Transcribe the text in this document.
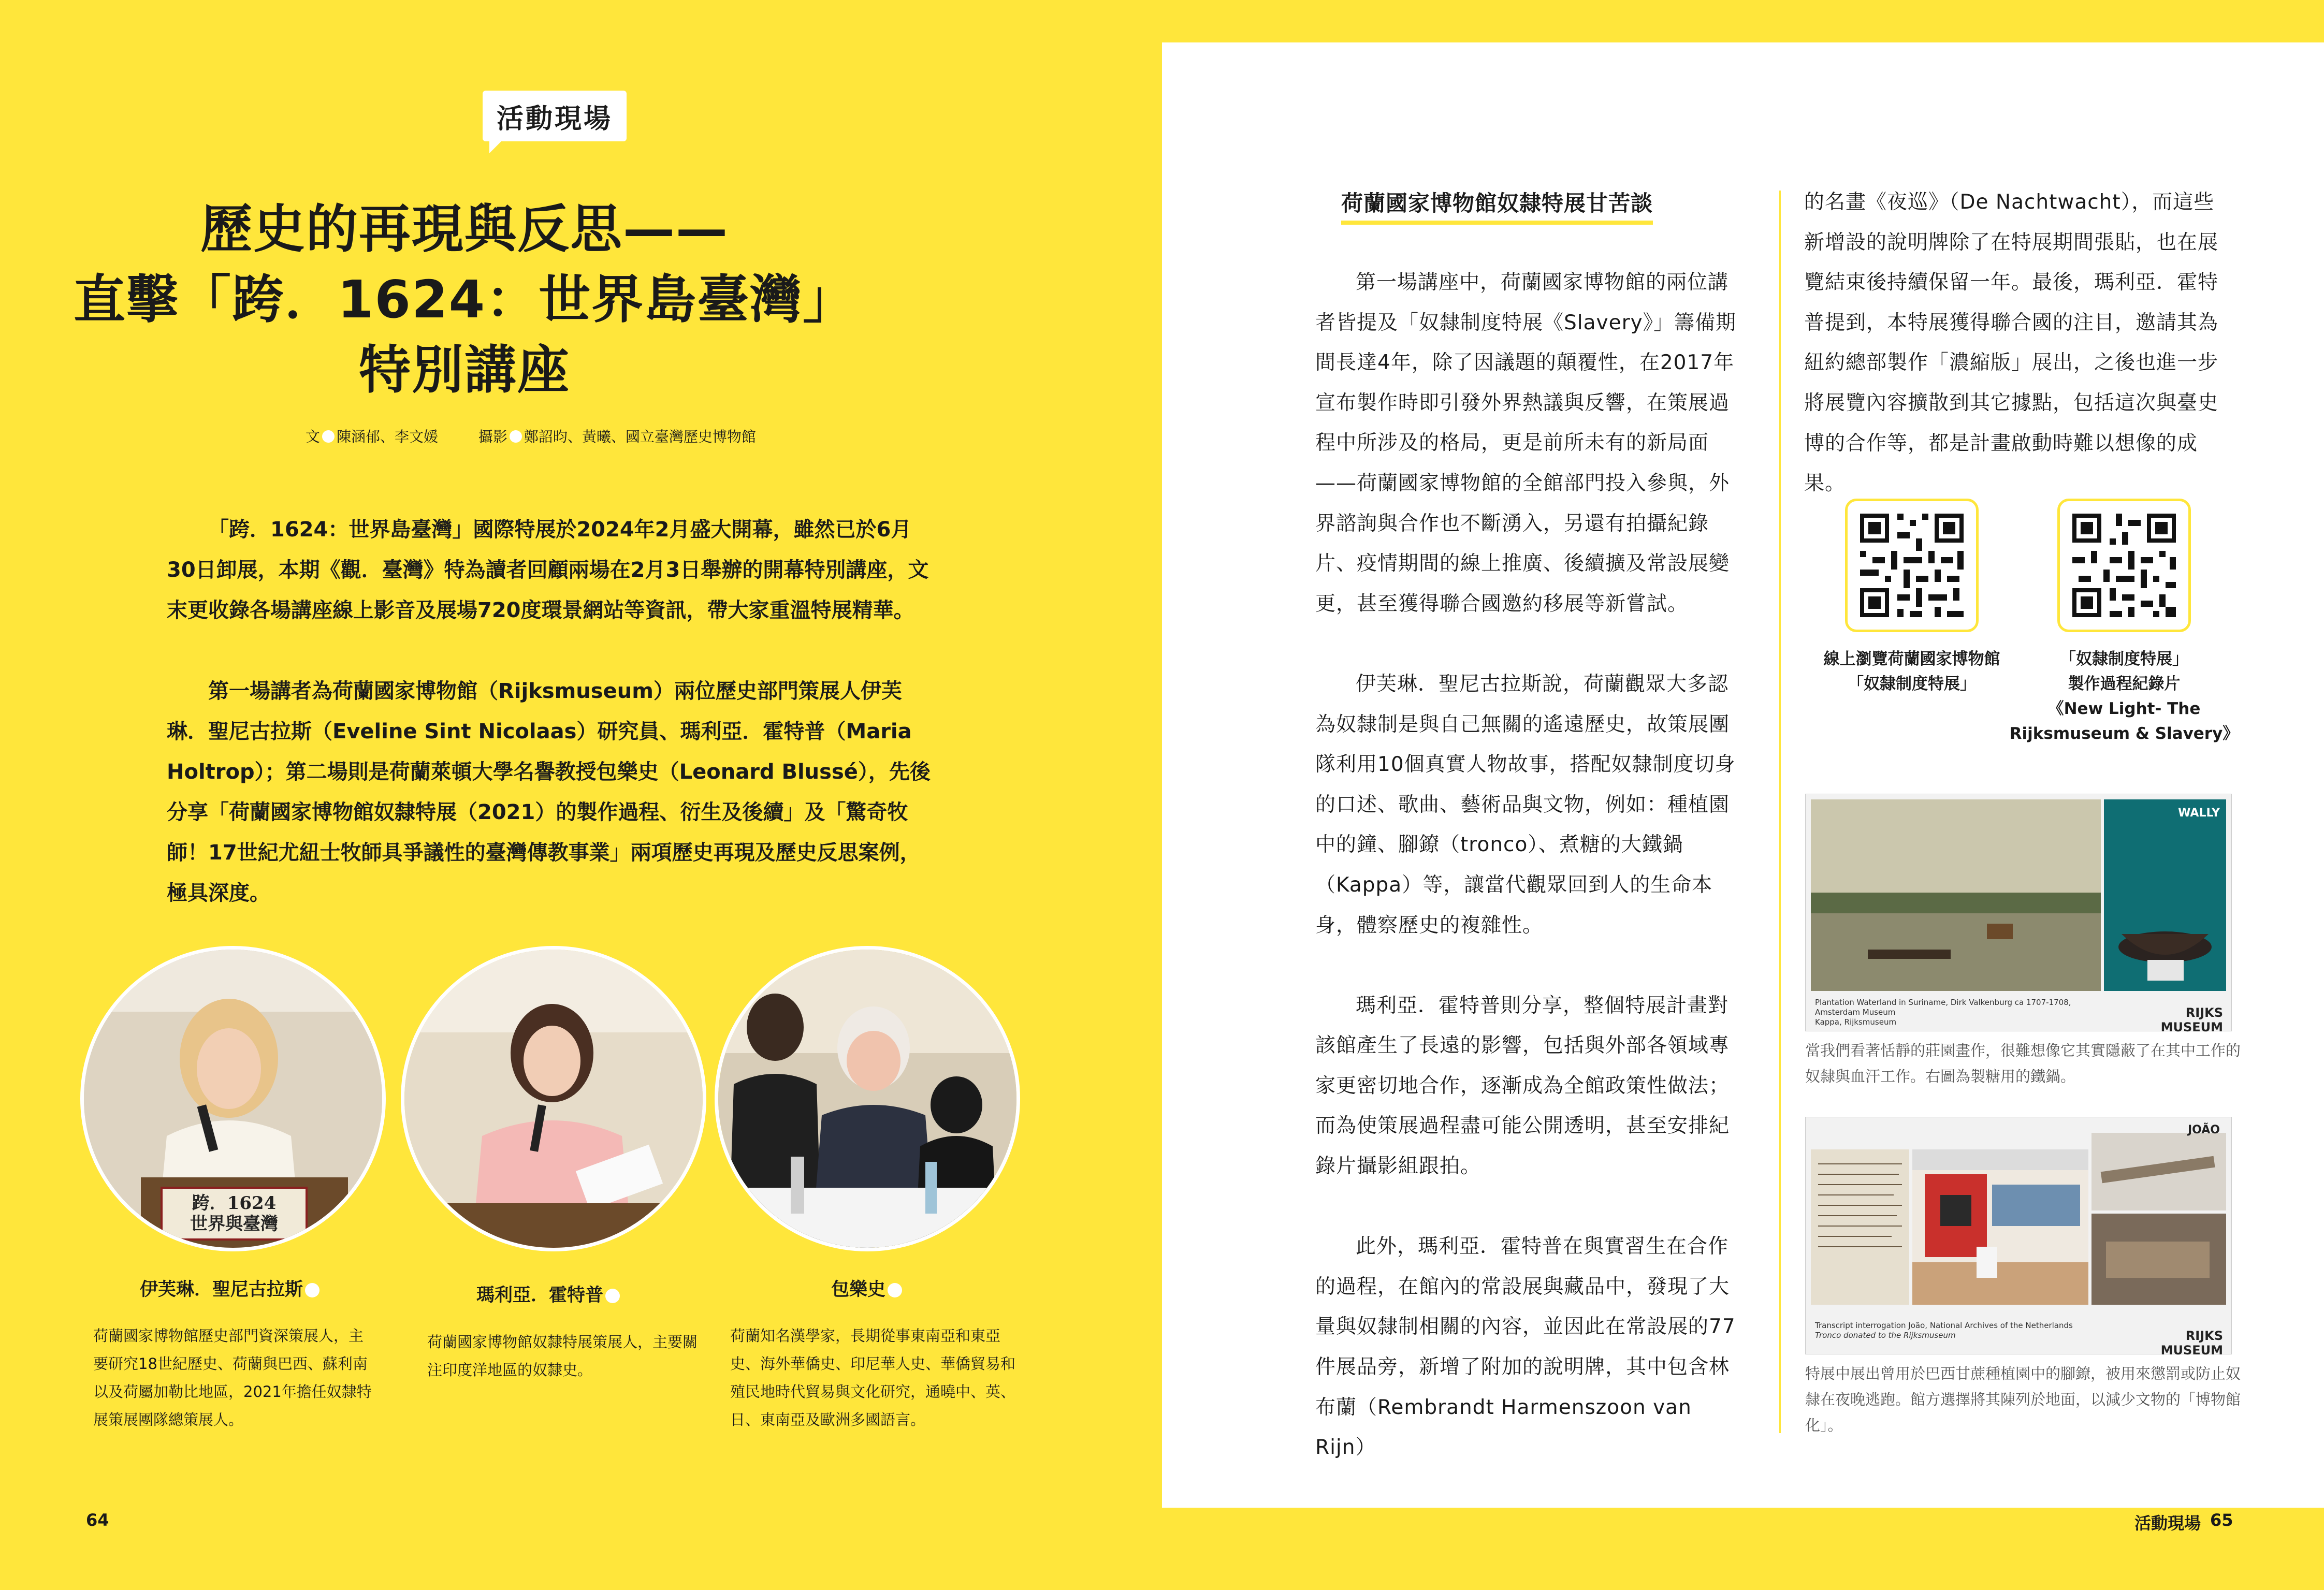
活動現場
歷史的再現與反思——
直擊「跨．1624：世界島臺灣」
特別講座
文 陳涵郁、李文媛	攝影 鄭詔昀、黃曦、國立臺灣歷史博物館

「跨．1624：世界島臺灣」國際特展於2024年2月盛大開幕，雖然已於6月30日卸展，本期《觀．臺灣》特為讀者回顧兩場在2月3日舉辦的開幕特別講座，文末更收錄各場講座線上影音及展場720度環景網站等資訊，帶大家重溫特展精華。

第一場講者為荷蘭國家博物館（Rijksmuseum）兩位歷史部門策展人伊芙琳．聖尼古拉斯（Eveline Sint Nicolaas）研究員、瑪利亞．霍特普（Maria Holtrop）；第二場則是荷蘭萊頓大學名譽教授包樂史（Leonard Blussé），先後分享「荷蘭國家博物館奴隸特展（2021）的製作過程、衍生及後續」及「驚奇牧師！17世紀尤紐士牧師具爭議性的臺灣傳教事業」兩項歷史再現及歷史反思案例，極具深度。

跨．1624
世界與臺灣
伊芙琳．聖尼古拉斯	瑪利亞．霍特普	包樂史
荷蘭國家博物館歷史部門資深策展人，主要研究18世紀歷史、荷蘭與巴西、蘇利南以及荷屬加勒比地區，2021年擔任奴隸特展策展團隊總策展人。
荷蘭國家博物館奴隸特展策展人，主要關注印度洋地區的奴隸史。
荷蘭知名漢學家，長期從事東南亞和東亞史、海外華僑史、印尼華人史、華僑貿易和殖民地時代貿易與文化研究，通曉中、英、日、東南亞及歐洲多國語言。
64
荷蘭國家博物館奴隸特展甘苦談

第一場講座中，荷蘭國家博物館的兩位講者皆提及「奴隸制度特展《Slavery》」籌備期間長達4年，除了因議題的顛覆性，在2017年宣布製作時即引發外界熱議與反響，在策展過程中所涉及的格局，更是前所未有的新局面——荷蘭國家博物館的全館部門投入參與，外界諮詢與合作也不斷湧入，另還有拍攝紀錄片、疫情期間的線上推廣、後續擴及常設展變更，甚至獲得聯合國邀約移展等新嘗試。

伊芙琳．聖尼古拉斯說，荷蘭觀眾大多認為奴隸制是與自己無關的遙遠歷史，故策展團隊利用10個真實人物故事，搭配奴隸制度切身的口述、歌曲、藝術品與文物，例如：種植園中的鐘、腳鐐（tronco）、煮糖的大鐵鍋（Kappa）等，讓當代觀眾回到人的生命本身，體察歷史的複雜性。

瑪利亞．霍特普則分享，整個特展計畫對該館產生了長遠的影響，包括與外部各領域專家更密切地合作，逐漸成為全館政策性做法；而為使策展過程盡可能公開透明，甚至安排紀錄片攝影組跟拍。

此外，瑪利亞．霍特普在與實習生在合作的過程，在館內的常設展與藏品中，發現了大量與奴隸制相關的內容，並因此在常設展的77件展品旁，新增了附加的說明牌，其中包含林布蘭（Rembrandt Harmenszoon van Rijn）

的名畫《夜巡》（De Nachtwacht），而這些新增設的說明牌除了在特展期間張貼，也在展覽結束後持續保留一年。最後，瑪利亞．霍特普提到，本特展獲得聯合國的注目，邀請其為紐約總部製作「濃縮版」展出，之後也進一步將展覽內容擴散到其它據點，包括這次與臺史博的合作等，都是計畫啟動時難以想像的成果。

線上瀏覽荷蘭國家博物館
「奴隸制度特展」
「奴隸制度特展」
製作過程紀錄片
《New Light- The
Rijksmuseum & Slavery》
WALLY
Plantation Waterland in Suriname, Dirk Valkenburg ca 1707-1708, Amsterdam Museum
Kappa, Rijksmuseum
RIJKS MUSEUM
當我們看著恬靜的莊園畫作，很難想像它其實隱蔽了在其中工作的奴隸與血汗工作。右圖為製糖用的鐵鍋。
JOÃO
Transcript interrogation João, National Archives of the Netherlands
Tronco donated to the Rijksmuseum	RIJKS MUSEUM
特展中展出曾用於巴西甘蔗種植園中的腳鐐，被用來懲罰或防止奴隸在夜晚逃跑。館方選擇將其陳列於地面，以減少文物的「博物館化」。
活動現場 65
